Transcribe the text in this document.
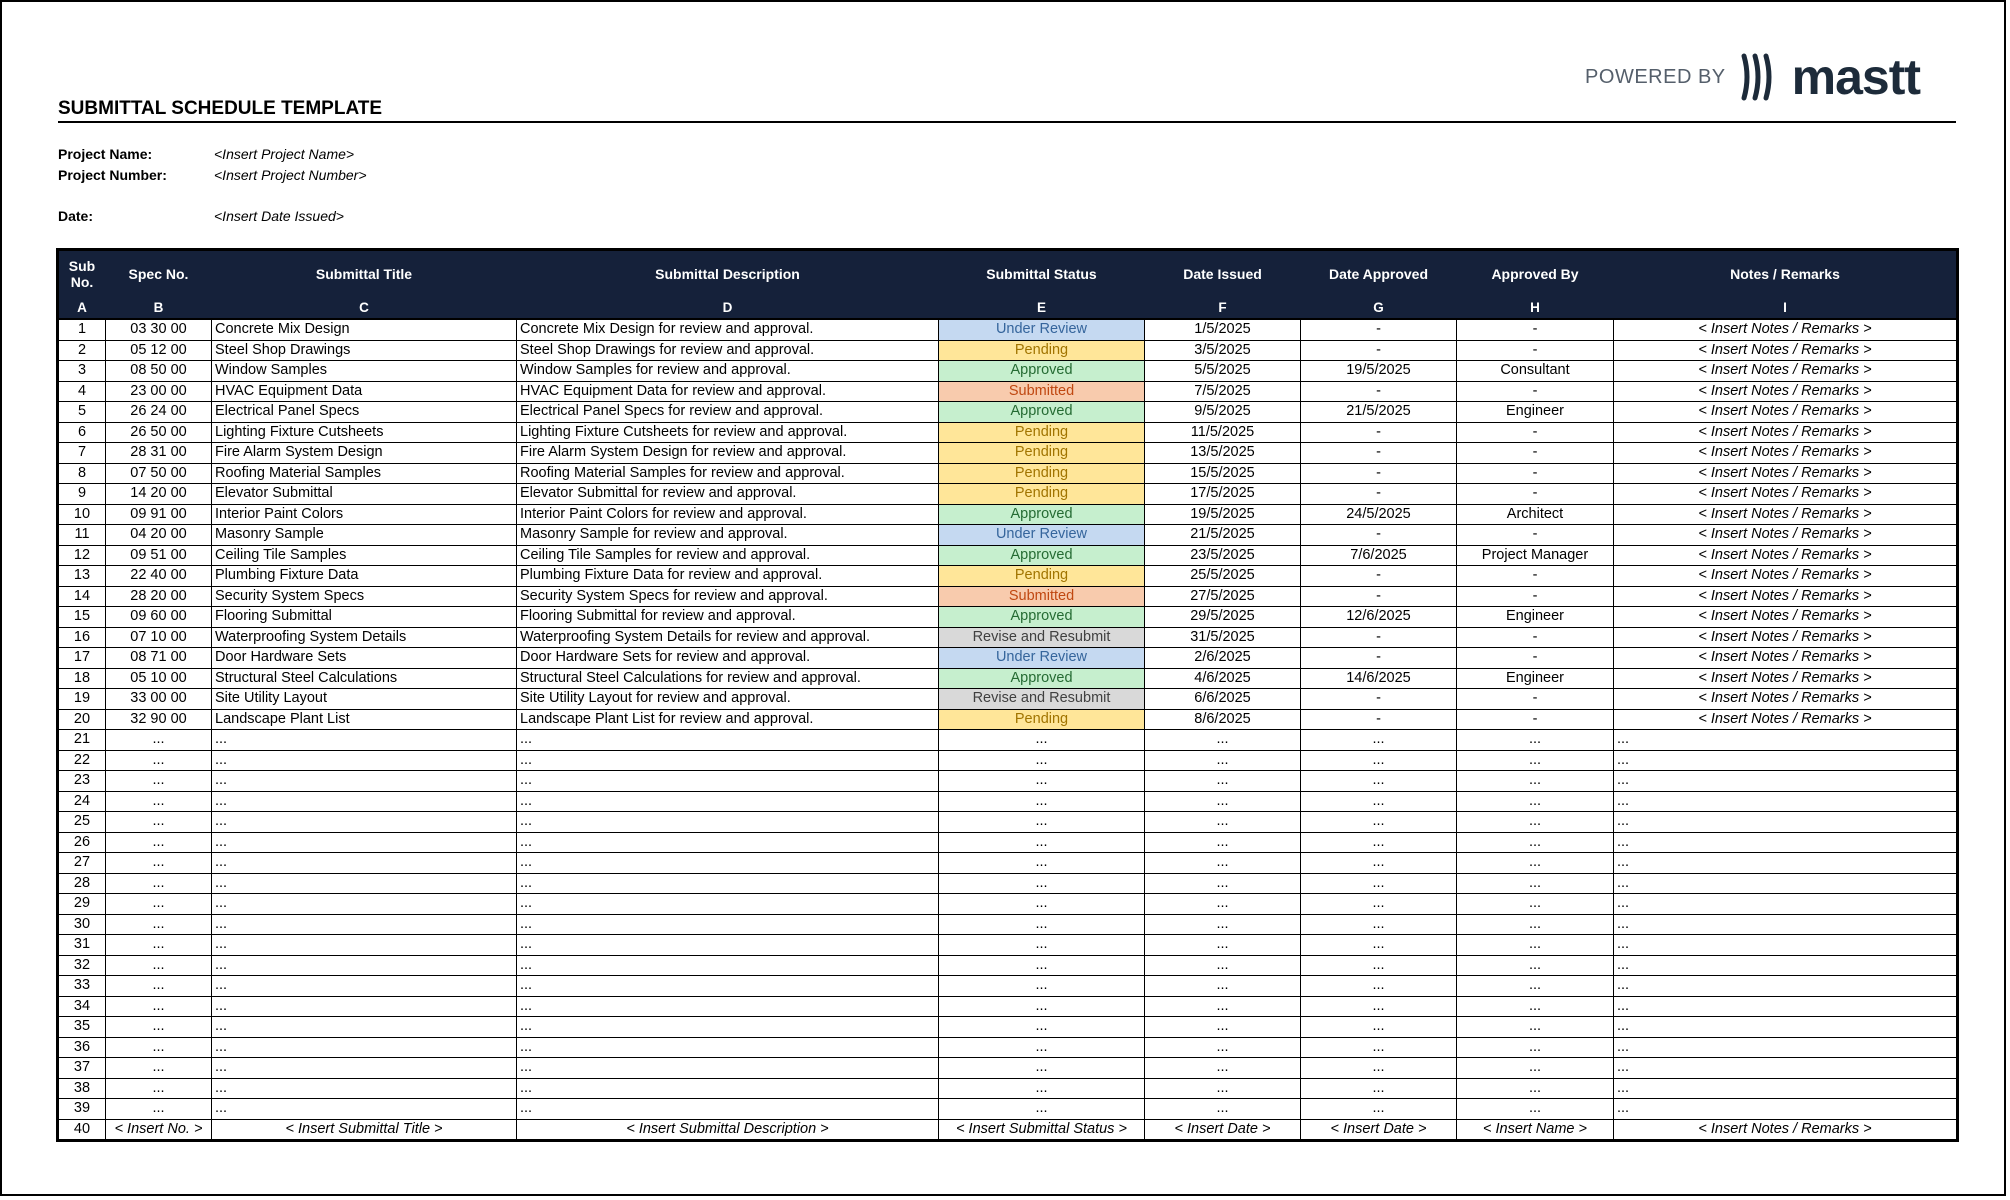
POWERED BY mastt
SUBMITTAL SCHEDULE TEMPLATE
Project Name:	<Insert Project Name>
Project Number:	<Insert Project Number>
Date:	<Insert Date Issued>
Sub
No.	Spec No.	Submittal Title	Submittal Description	Submittal Status	Date Issued	Date Approved	Approved By	Notes / Remarks
A	B	C	D	E	F	G	H	I
1	03 30 00	Concrete Mix Design	Concrete Mix Design for review and approval.	Under Review	1/5/2025	-	-	< Insert Notes / Remarks >
2	05 12 00	Steel Shop Drawings	Steel Shop Drawings for review and approval.	Pending	3/5/2025	-	-	< Insert Notes / Remarks >
3	08 50 00	Window Samples	Window Samples for review and approval.	Approved	5/5/2025	19/5/2025	Consultant	< Insert Notes / Remarks >
4	23 00 00	HVAC Equipment Data	HVAC Equipment Data for review and approval.	Submitted	7/5/2025	-	-	< Insert Notes / Remarks >
5	26 24 00	Electrical Panel Specs	Electrical Panel Specs for review and approval.	Approved	9/5/2025	21/5/2025	Engineer	< Insert Notes / Remarks >
6	26 50 00	Lighting Fixture Cutsheets	Lighting Fixture Cutsheets for review and approval.	Pending	11/5/2025	-	-	< Insert Notes / Remarks >
7	28 31 00	Fire Alarm System Design	Fire Alarm System Design for review and approval.	Pending	13/5/2025	-	-	< Insert Notes / Remarks >
8	07 50 00	Roofing Material Samples	Roofing Material Samples for review and approval.	Pending	15/5/2025	-	-	< Insert Notes / Remarks >
9	14 20 00	Elevator Submittal	Elevator Submittal for review and approval.	Pending	17/5/2025	-	-	< Insert Notes / Remarks >
10	09 91 00	Interior Paint Colors	Interior Paint Colors for review and approval.	Approved	19/5/2025	24/5/2025	Architect	< Insert Notes / Remarks >
11	04 20 00	Masonry Sample	Masonry Sample for review and approval.	Under Review	21/5/2025	-	-	< Insert Notes / Remarks >
12	09 51 00	Ceiling Tile Samples	Ceiling Tile Samples for review and approval.	Approved	23/5/2025	7/6/2025	Project Manager	< Insert Notes / Remarks >
13	22 40 00	Plumbing Fixture Data	Plumbing Fixture Data for review and approval.	Pending	25/5/2025	-	-	< Insert Notes / Remarks >
14	28 20 00	Security System Specs	Security System Specs for review and approval.	Submitted	27/5/2025	-	-	< Insert Notes / Remarks >
15	09 60 00	Flooring Submittal	Flooring Submittal for review and approval.	Approved	29/5/2025	12/6/2025	Engineer	< Insert Notes / Remarks >
16	07 10 00	Waterproofing System Details	Waterproofing System Details for review and approval.	Revise and Resubmit	31/5/2025	-	-	< Insert Notes / Remarks >
17	08 71 00	Door Hardware Sets	Door Hardware Sets for review and approval.	Under Review	2/6/2025	-	-	< Insert Notes / Remarks >
18	05 10 00	Structural Steel Calculations	Structural Steel Calculations for review and approval.	Approved	4/6/2025	14/6/2025	Engineer	< Insert Notes / Remarks >
19	33 00 00	Site Utility Layout	Site Utility Layout for review and approval.	Revise and Resubmit	6/6/2025	-	-	< Insert Notes / Remarks >
20	32 90 00	Landscape Plant List	Landscape Plant List for review and approval.	Pending	8/6/2025	-	-	< Insert Notes / Remarks >
21	...	...	...	...	...	...	...	...
22	...	...	...	...	...	...	...	...
23	...	...	...	...	...	...	...	...
24	...	...	...	...	...	...	...	...
25	...	...	...	...	...	...	...	...
26	...	...	...	...	...	...	...	...
27	...	...	...	...	...	...	...	...
28	...	...	...	...	...	...	...	...
29	...	...	...	...	...	...	...	...
30	...	...	...	...	...	...	...	...
31	...	...	...	...	...	...	...	...
32	...	...	...	...	...	...	...	...
33	...	...	...	...	...	...	...	...
34	...	...	...	...	...	...	...	...
35	...	...	...	...	...	...	...	...
36	...	...	...	...	...	...	...	...
37	...	...	...	...	...	...	...	...
38	...	...	...	...	...	...	...	...
39	...	...	...	...	...	...	...	...
40	< Insert No. >	< Insert Submittal Title >	< Insert Submittal Description >	< Insert Submittal Status >	< Insert Date >	< Insert Date >	< Insert Name >	< Insert Notes / Remarks >
